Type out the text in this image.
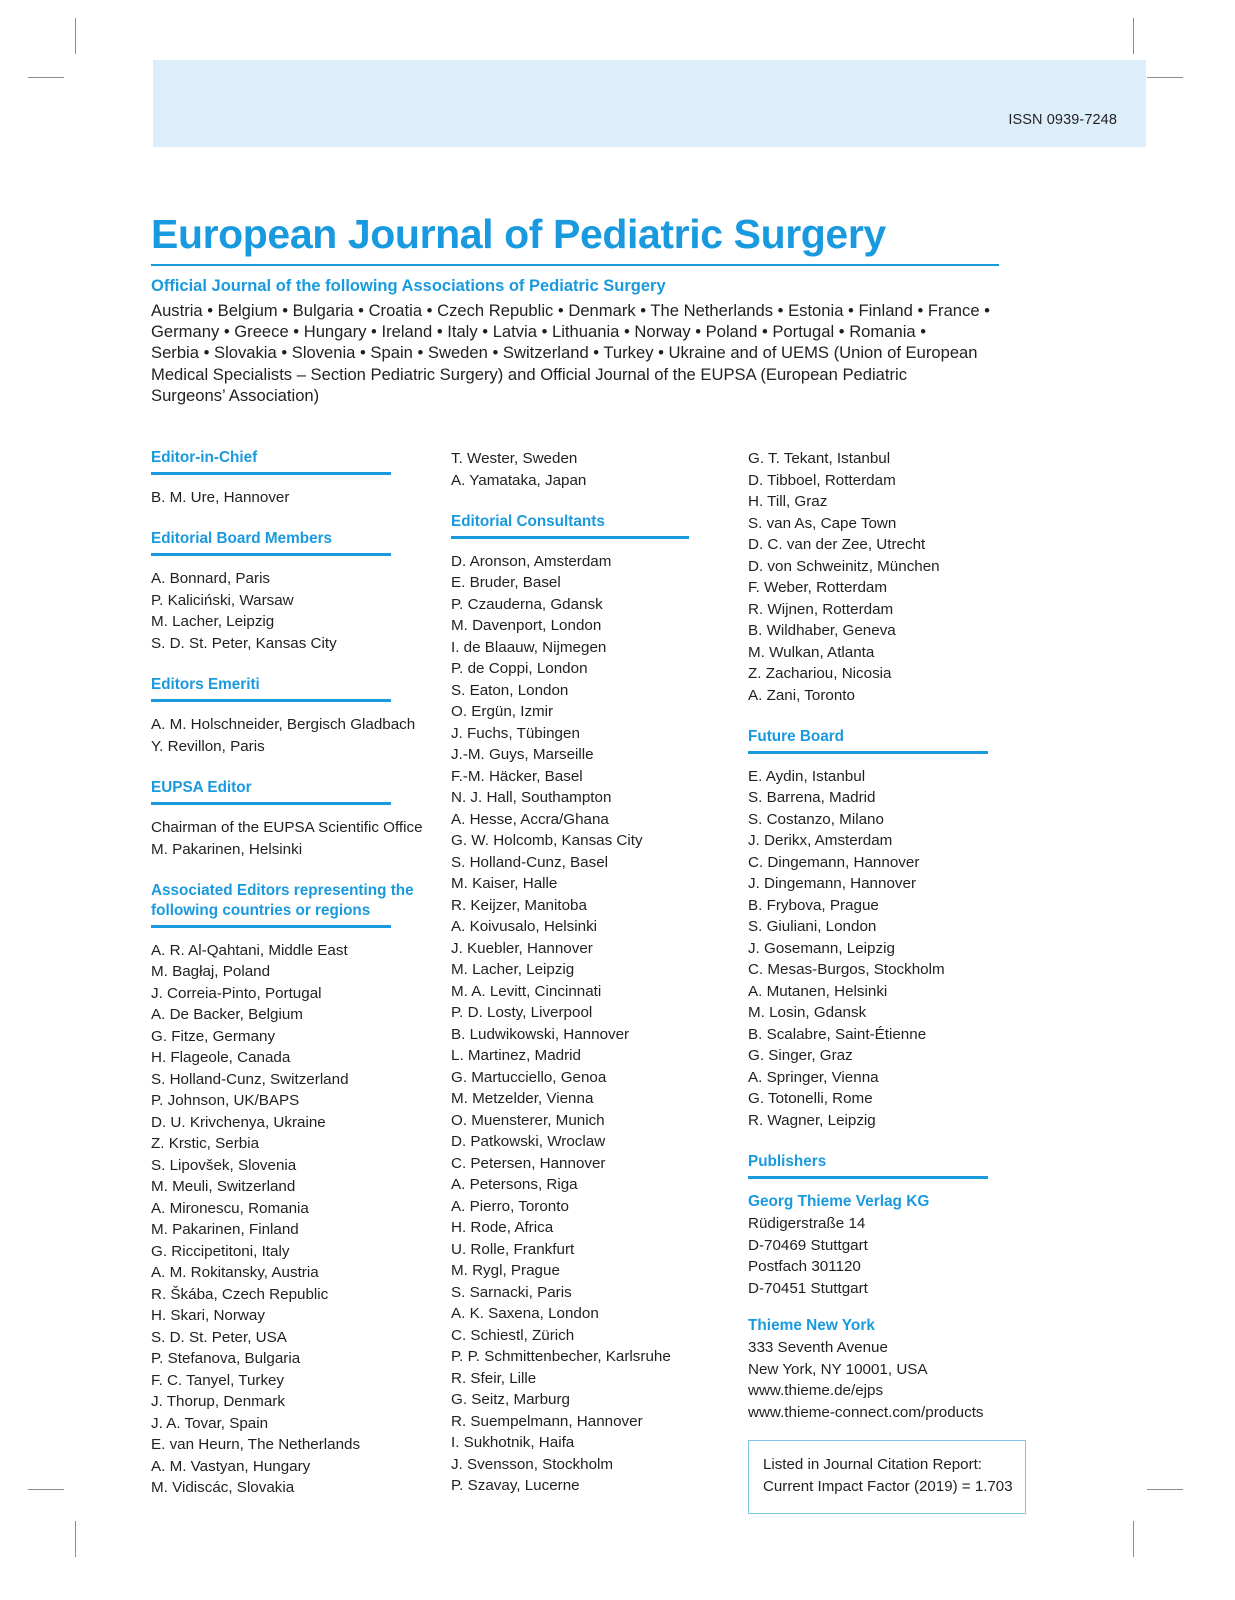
ISSN 0939-7248
European Journal of Pediatric Surgery
Official Journal of the following Associations of Pediatric Surgery
Austria • Belgium • Bulgaria • Croatia • Czech Republic • Denmark • The Netherlands • Estonia • Finland • France •
Germany • Greece • Hungary • Ireland • Italy • Latvia • Lithuania • Norway • Poland • Portugal • Romania •
Serbia • Slovakia • Slovenia • Spain • Sweden • Switzerland • Turkey • Ukraine and of UEMS (Union of European
Medical Specialists – Section Pediatric Surgery) and Official Journal of the EUPSA (European Pediatric
Surgeons’ Association)
Editor-in-Chief
B. M. Ure, Hannover
Editorial Board Members
A. Bonnard, Paris
P. Kaliciński, Warsaw
M. Lacher, Leipzig
S. D. St. Peter, Kansas City
Editors Emeriti
A. M. Holschneider, Bergisch Gladbach
Y. Revillon, Paris
EUPSA Editor
Chairman of the EUPSA Scientific Office
M. Pakarinen, Helsinki
Associated Editors representing the
following countries or regions
A. R. Al-Qahtani, Middle East
M. Bagłaj, Poland
J. Correia-Pinto, Portugal
A. De Backer, Belgium
G. Fitze, Germany
H. Flageole, Canada
S. Holland-Cunz, Switzerland
P. Johnson, UK/BAPS
D. U. Krivchenya, Ukraine
Z. Krstic, Serbia
S. Lipovšek, Slovenia
M. Meuli, Switzerland
A. Mironescu, Romania
M. Pakarinen, Finland
G. Riccipetitoni, Italy
A. M. Rokitansky, Austria
R. Škába, Czech Republic
H. Skari, Norway
S. D. St. Peter, USA
P. Stefanova, Bulgaria
F. C. Tanyel, Turkey
J. Thorup, Denmark
J. A. Tovar, Spain
E. van Heurn, The Netherlands
A. M. Vastyan, Hungary
M. Vidiscác, Slovakia
T. Wester, Sweden
A. Yamataka, Japan
Editorial Consultants
D. Aronson, Amsterdam
E. Bruder, Basel
P. Czauderna, Gdansk
M. Davenport, London
I. de Blaauw, Nijmegen
P. de Coppi, London
S. Eaton, London
O. Ergün, Izmir
J. Fuchs, Tübingen
J.-M. Guys, Marseille
F.-M. Häcker, Basel
N. J. Hall, Southampton
A. Hesse, Accra/Ghana
G. W. Holcomb, Kansas City
S. Holland-Cunz, Basel
M. Kaiser, Halle
R. Keijzer, Manitoba
A. Koivusalo, Helsinki
J. Kuebler, Hannover
M. Lacher, Leipzig
M. A. Levitt, Cincinnati
P. D. Losty, Liverpool
B. Ludwikowski, Hannover
L. Martinez, Madrid
G. Martucciello, Genoa
M. Metzelder, Vienna
O. Muensterer, Munich
D. Patkowski, Wroclaw
C. Petersen, Hannover
A. Petersons, Riga
A. Pierro, Toronto
H. Rode, Africa
U. Rolle, Frankfurt
M. Rygl, Prague
S. Sarnacki, Paris
A. K. Saxena, London
C. Schiestl, Zürich
P. P. Schmittenbecher, Karlsruhe
R. Sfeir, Lille
G. Seitz, Marburg
R. Suempelmann, Hannover
I. Sukhotnik, Haifa
J. Svensson, Stockholm
P. Szavay, Lucerne
G. T. Tekant, Istanbul
D. Tibboel, Rotterdam
H. Till, Graz
S. van As, Cape Town
D. C. van der Zee, Utrecht
D. von Schweinitz, München
F. Weber, Rotterdam
R. Wijnen, Rotterdam
B. Wildhaber, Geneva
M. Wulkan, Atlanta
Z. Zachariou, Nicosia
A. Zani, Toronto
Future Board
E. Aydin, Istanbul
S. Barrena, Madrid
S. Costanzo, Milano
J. Derikx, Amsterdam
C. Dingemann, Hannover
J. Dingemann, Hannover
B. Frybova, Prague
S. Giuliani, London
J. Gosemann, Leipzig
C. Mesas-Burgos, Stockholm
A. Mutanen, Helsinki
M. Losin, Gdansk
B. Scalabre, Saint-Étienne
G. Singer, Graz
A. Springer, Vienna
G. Totonelli, Rome
R. Wagner, Leipzig
Publishers
Georg Thieme Verlag KG
Rüdigerstraße 14
D-70469 Stuttgart
Postfach 301120
D-70451 Stuttgart
Thieme New York
333 Seventh Avenue
New York, NY 10001, USA
www.thieme.de/ejps
www.thieme-connect.com/products
Listed in Journal Citation Report:
Current Impact Factor (2019) = 1.703
